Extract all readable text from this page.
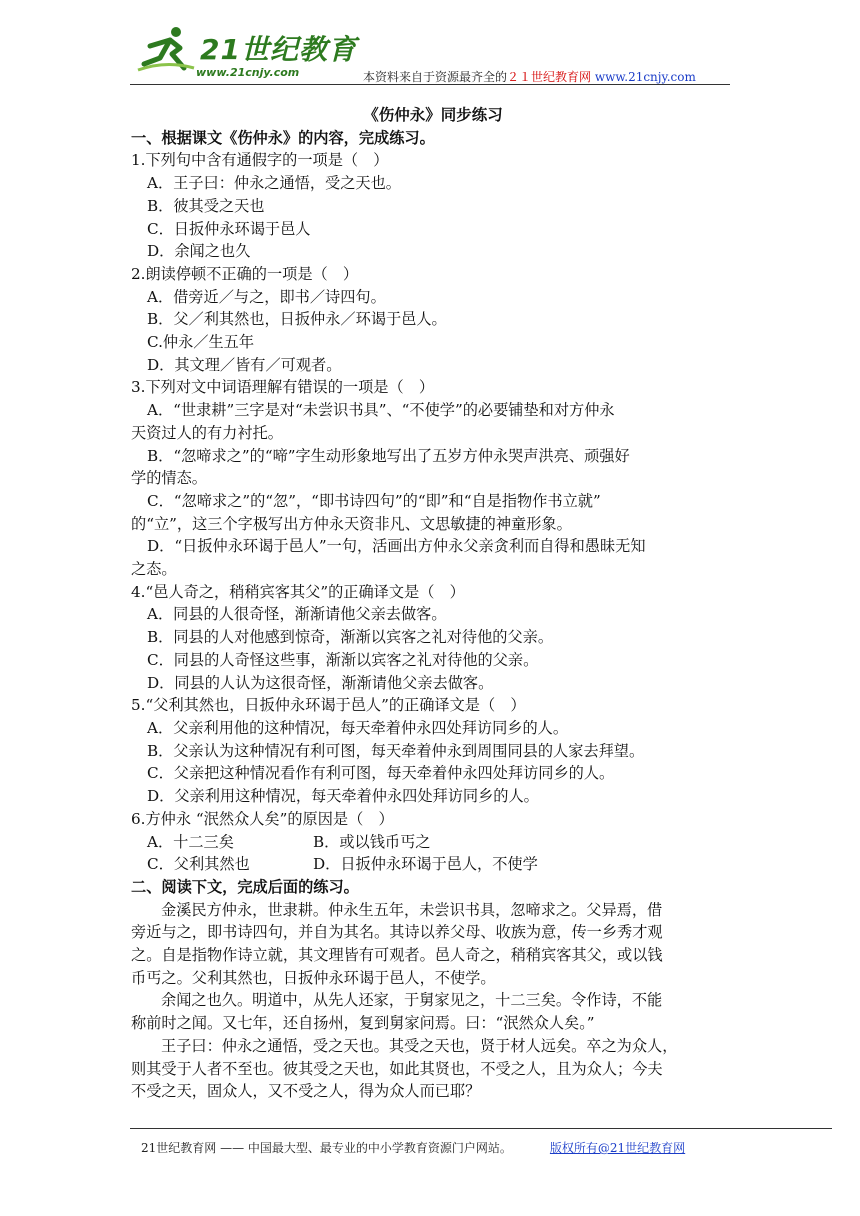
21世纪教育
www.21cnjy.com	本资料来自于资源最齐全的２１世纪教育网 www.21cnjy.com
《伤仲永》同步练习
一、根据课文《伤仲永》的内容，完成练习。
1.下列句中含有通假字的一项是（　）
A．王子曰：仲永之通悟，受之天也。
B．彼其受之天也
C．日扳仲永环谒于邑人
D．余闻之也久
2.朗读停顿不正确的一项是（　）
A．借旁近／与之，即书／诗四句。
B．父／利其然也，日扳仲永／环谒于邑人。
C.仲永／生五年
D．其文理／皆有／可观者。
3.下列对文中词语理解有错误的一项是（　）
A．“世隶耕”三字是对“未尝识书具”、“不使学”的必要铺垫和对方仲永
天资过人的有力衬托。
B．“忽啼求之”的“啼”字生动形象地写出了五岁方仲永哭声洪亮、顽强好
学的情态。
C．“忽啼求之”的“忽”，“即书诗四句”的“即”和“自是指物作书立就”
的“立”，这三个字极写出方仲永天资非凡、文思敏捷的神童形象。
D．“日扳仲永环谒于邑人”一句，活画出方仲永父亲贪利而自得和愚昧无知
之态。
4.“邑人奇之，稍稍宾客其父”的正确译文是（　）
A．同县的人很奇怪，渐渐请他父亲去做客。
B．同县的人对他感到惊奇，渐渐以宾客之礼对待他的父亲。
C．同县的人奇怪这些事，渐渐以宾客之礼对待他的父亲。
D．同县的人认为这很奇怪，渐渐请他父亲去做客。
5.“父利其然也，日扳仲永环谒于邑人”的正确译文是（　）
A．父亲利用他的这种情况，每天牵着仲永四处拜访同乡的人。
B．父亲认为这种情况有利可图，每天牵着仲永到周围同县的人家去拜望。
C．父亲把这种情况看作有利可图，每天牵着仲永四处拜访同乡的人。
D．父亲利用这种情况，每天牵着仲永四处拜访同乡的人。
6.方仲永 “泯然众人矣”的原因是（　）
A．十二三矣	B．或以钱币丐之
C．父利其然也	D．日扳仲永环谒于邑人，不使学
二、阅读下文，完成后面的练习。
金溪民方仲永，世隶耕。仲永生五年，未尝识书具，忽啼求之。父异焉，借
旁近与之，即书诗四句，并自为其名。其诗以养父母、收族为意，传一乡秀才观
之。自是指物作诗立就，其文理皆有可观者。邑人奇之，稍稍宾客其父，或以钱
币丐之。父利其然也，日扳仲永环谒于邑人，不使学。
余闻之也久。明道中，从先人还家，于舅家见之，十二三矣。令作诗，不能
称前时之闻。又七年，还自扬州，复到舅家问焉。曰：“泯然众人矣。”
王子曰：仲永之通悟，受之天也。其受之天也，贤于材人远矣。卒之为众人，
则其受于人者不至也。彼其受之天也，如此其贤也，不受之人，且为众人；今夫
不受之天，固众人，又不受之人，得为众人而已耶？
21世纪教育网 —— 中国最大型、最专业的中小学教育资源门户网站。	版权所有@21世纪教育网
